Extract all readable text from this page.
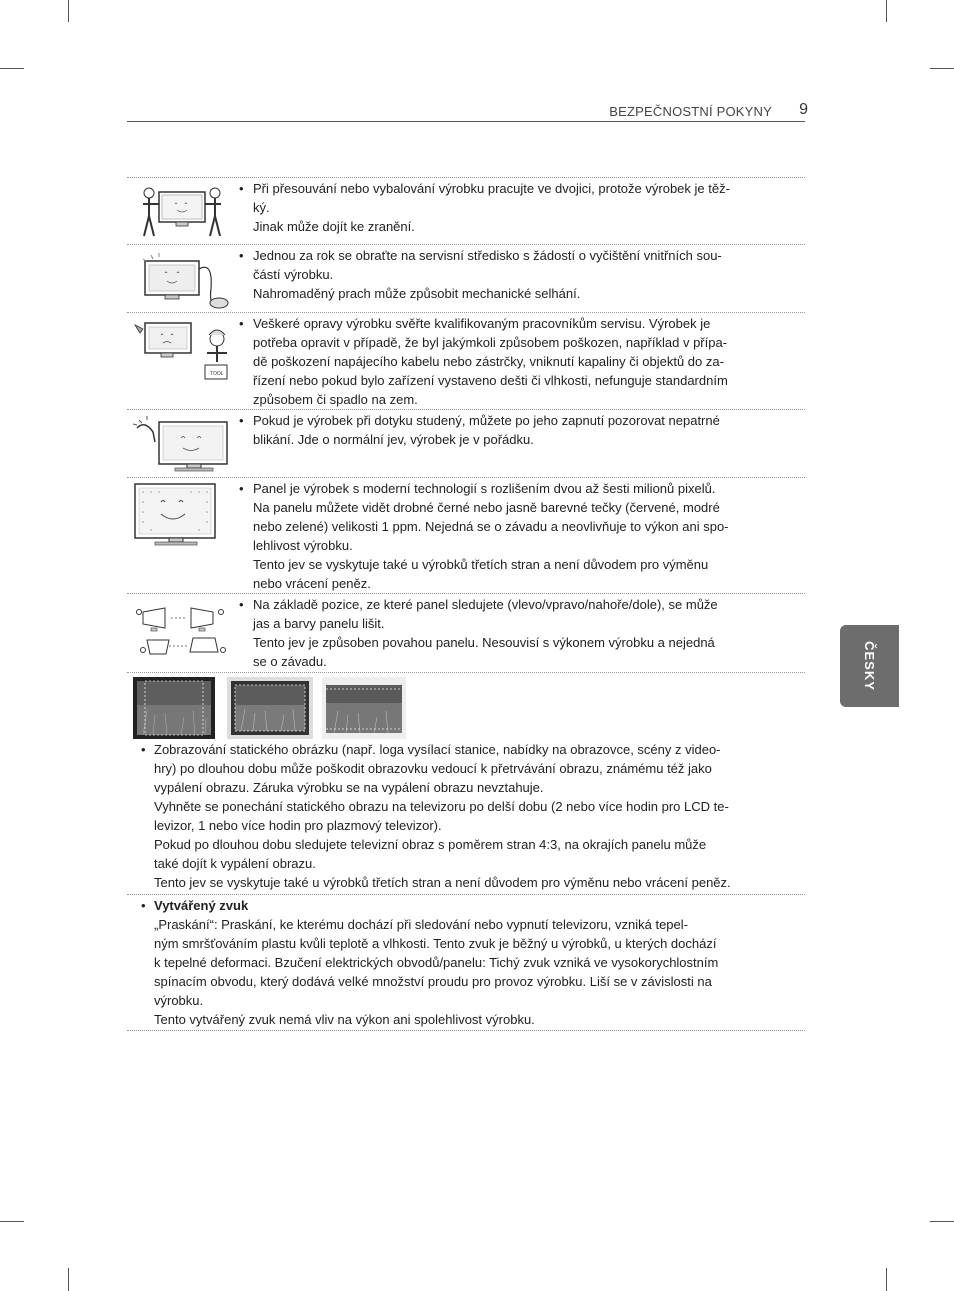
BEZPEČNOSTNÍ POKYNY	9
ČESKY
• Při přesouvání nebo vybalování výrobku pracujte ve dvojici, protože výrobek je těž-

ký.

Jinak může dojít ke zranění.

• Jednou za rok se obraťte na servisní středisko s žádostí o vyčištění vnitřních sou-

částí výrobku.

Nahromaděný prach může způsobit mechanické selhání.

TOOL
• Veškeré opravy výrobku svěřte kvalifikovaným pracovníkům servisu. Výrobek je

potřeba opravit v případě, že byl jakýmkoli způsobem poškozen, například v přípa-

dě poškození napájecího kabelu nebo zástrčky, vniknutí kapaliny či objektů do za-

řízení nebo pokud bylo zařízení vystaveno dešti či vlhkosti, nefunguje standardním

způsobem či spadlo na zem.

• Pokud je výrobek při dotyku studený, můžete po jeho zapnutí pozorovat nepatrné

blikání. Jde o normální jev, výrobek je v pořádku.

• Panel je výrobek s moderní technologií s rozlišením dvou až šesti milionů pixelů.

Na panelu můžete vidět drobné černé nebo jasně barevné tečky (červené, modré

nebo zelené) velikosti 1 ppm. Nejedná se o závadu a neovlivňuje to výkon ani spo-

lehlivost výrobku.

Tento jev se vyskytuje také u výrobků třetích stran a není důvodem pro výměnu

nebo vrácení peněz.

• Na základě pozice, ze které panel sledujete (vlevo/vpravo/nahoře/dole), se může

jas a barvy panelu lišit.

Tento jev je způsoben povahou panelu. Nesouvisí s výkonem výrobku a nejedná

se o závadu.

• Zobrazování statického obrázku (např. loga vysílací stanice, nabídky na obrazovce, scény z video-

hry) po dlouhou dobu může poškodit obrazovku vedoucí k přetrvávání obrazu, známému též jako

vypálení obrazu. Záruka výrobku se na vypálení obrazu nevztahuje.

Vyhněte se ponechání statického obrazu na televizoru po delší dobu (2 nebo více hodin pro LCD te-

levizor, 1 nebo více hodin pro plazmový televizor).

Pokud po dlouhou dobu sledujete televizní obraz s poměrem stran 4:3, na okrajích panelu může

také dojít k vypálení obrazu.

Tento jev se vyskytuje také u výrobků třetích stran a není důvodem pro výměnu nebo vrácení peněz.

• Vytvářený zvuk

„Praskání“: Praskání, ke kterému dochází při sledování nebo vypnutí televizoru, vzniká tepel-

ným smršťováním plastu kvůli teplotě a vlhkosti. Tento zvuk je běžný u výrobků, u kterých dochází

k tepelné deformaci. Bzučení elektrických obvodů/panelu: Tichý zvuk vzniká ve vysokorychlostním

spínacím obvodu, který dodává velké množství proudu pro provoz výrobku. Liší se v závislosti na

výrobku.

Tento vytvářený zvuk nemá vliv na výkon ani spolehlivost výrobku.
